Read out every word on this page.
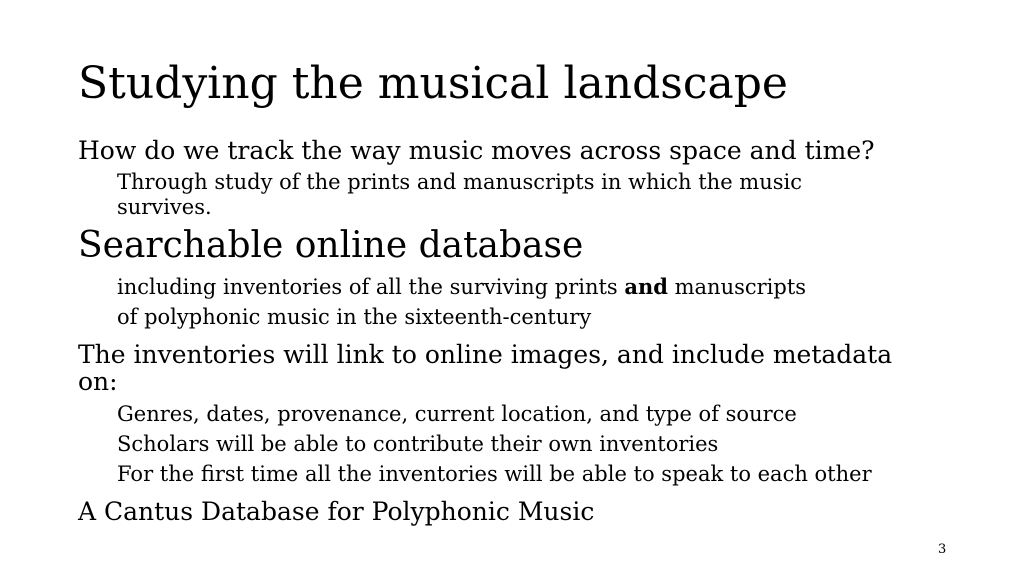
Studying the musical landscape
How do we track the way music moves across space and time?
Through study of the prints and manuscripts in which the music
survives.
Searchable online database
including inventories of all the surviving prints and manuscripts
of polyphonic music in the sixteenth-century
The inventories will link to online images, and include metadata
on:
Genres, dates, provenance, current location, and type of source
Scholars will be able to contribute their own inventories
For the first time all the inventories will be able to speak to each other
A Cantus Database for Polyphonic Music
3
